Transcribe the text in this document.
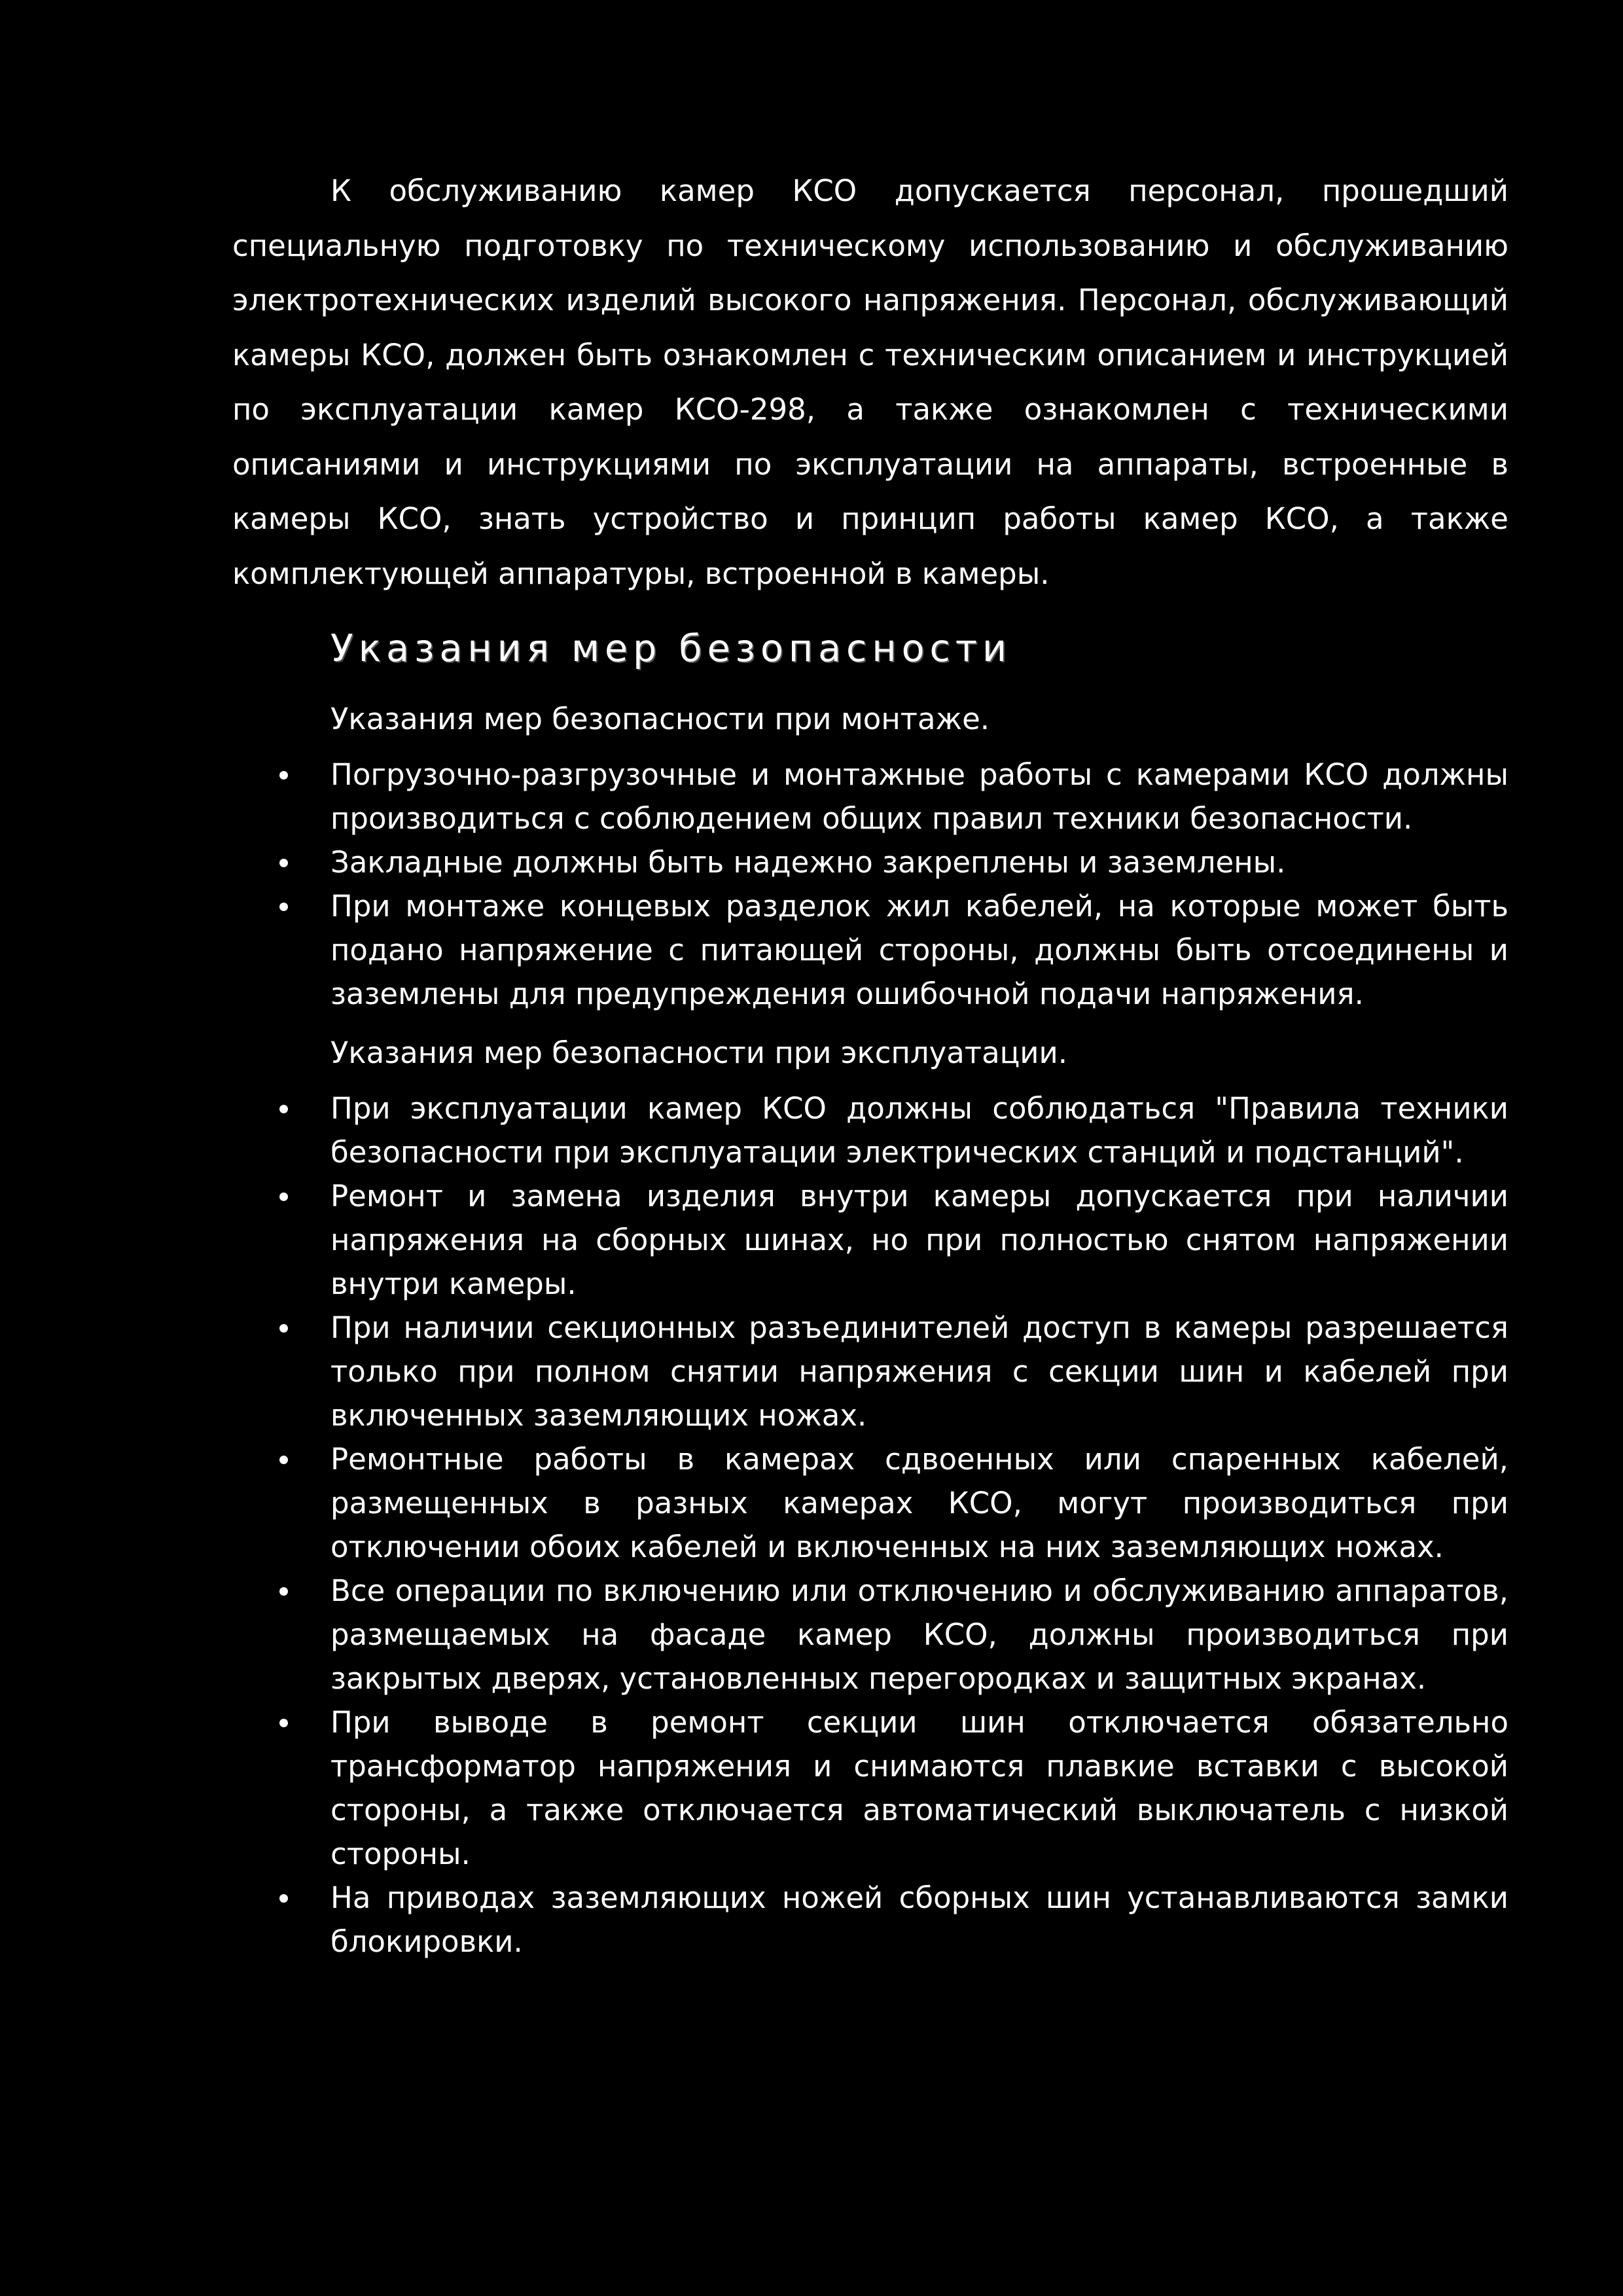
К обслуживанию камер КСО допускается персонал, прошедший специальную подготовку по техническому использованию и обслуживанию электротехнических изделий высокого напряжения. Персонал, обслуживающий камеры КСО, должен быть ознакомлен с техническим описанием и инструкцией по эксплуатации камер КСО-298, а также ознакомлен с техническими описаниями и инструкциями по эксплуатации на аппараты, встроенные в камеры КСО, знать устройство и принцип работы камер КСО, а также комплектующей аппаратуры, встроенной в камеры.

Указания мер безопасности
Указания мер безопасности при монтаже.
Погрузочно-разгрузочные и монтажные работы с камерами КСО должны производиться с соблюдением общих правил техники безопасности.
Закладные должны быть надежно закреплены и заземлены.
При монтаже концевых разделок жил кабелей, на которые может быть подано напряжение с питающей стороны, должны быть отсоединены и заземлены для предупреждения ошибочной подачи напряжения.
Указания мер безопасности при эксплуатации.
При эксплуатации камер КСО должны соблюдаться "Правила техники безопасности при эксплуатации электрических станций и подстанций".
Ремонт и замена изделия внутри камеры допускается при наличии напряжения на сборных шинах, но при полностью снятом напряжении внутри камеры.
При наличии секционных разъединителей доступ в камеры разрешается только при полном снятии напряжения с секции шин и кабелей при включенных заземляющих ножах.
Ремонтные работы в камерах сдвоенных или спаренных кабелей, размещенных в разных камерах КСО, могут производиться при отключении обоих кабелей и включенных на них заземляющих ножах.
Все операции по включению или отключению и обслуживанию аппаратов, размещаемых на фасаде камер КСО, должны производиться при закрытых дверях, установленных перегородках и защитных экранах.
При выводе в ремонт секции шин отключается обязательно трансформатор напряжения и снимаются плавкие вставки с высокой стороны, а также отключается автоматический выключатель с низкой стороны.
На приводах заземляющих ножей сборных шин устанавливаются замки блокировки.
